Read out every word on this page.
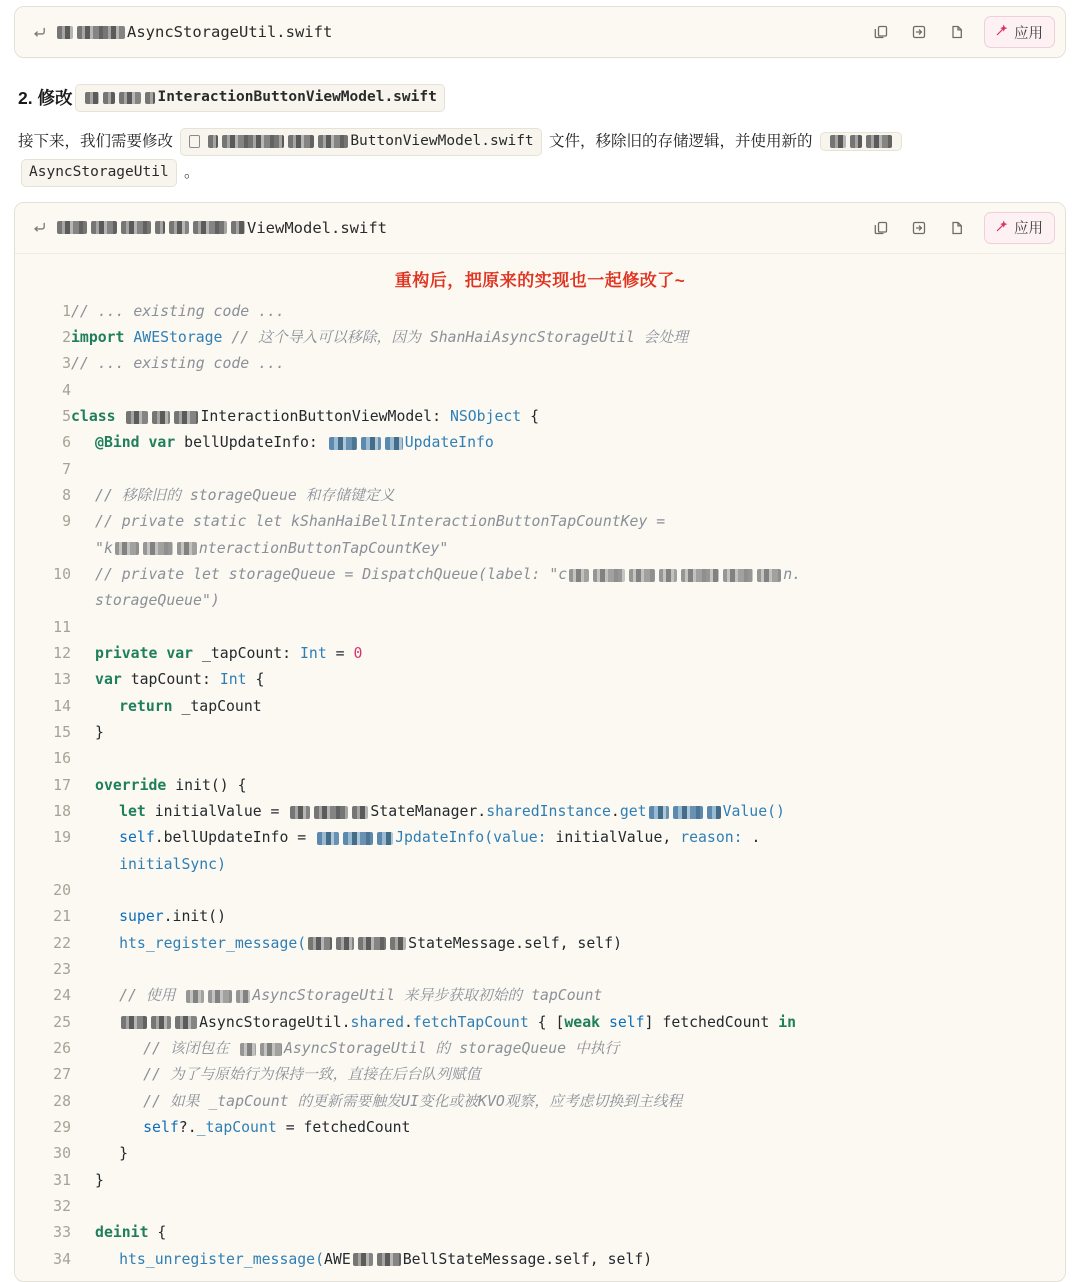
AsyncStorageUtil.swift	应用
2. 修改	InteractionButtonViewModel.swift
接下来，我们需要修改	ButtonViewModel.swift 文件，移除旧的存储逻辑，并使用新的

AsyncStorageUtil 。
ViewModel.swift	应用
重构后，把原来的实现也一起修改了~
1	// ... existing code ...
2	import AWEStorage // 这个导入可以移除，因为 ShanHaiAsyncStorageUtil 会处理
3	// ... existing code ...
4	

5	class InteractionButtonViewModel: NSObject {
6	@Bind var bellUpdateInfo: UpdateInfo
7	

8	// 移除旧的 storageQueue 和存储键定义
9	// private static let kShanHaiBellInteractionButtonTapCountKey =
"k nteractionButtonTapCountKey"
10	// private let storageQueue = DispatchQueue(label: "c n.
storageQueue")
11	

12	private var _tapCount: Int = 0
13	var tapCount: Int {
14	return _tapCount
15	}
16	

17	override init() {
18	let initialValue = StateManager.sharedInstance.get Value()
19	self.bellUpdateInfo = JpdateInfo(value: initialValue, reason: .
initialSync)
20	

21	super.init()
22	hts_register_message( StateMessage.self, self)
23	

24	// 使用 AsyncStorageUtil 来异步获取初始的 tapCount
25	AsyncStorageUtil.shared.fetchTapCount { [weak self] fetchedCount in
26	// 该闭包在 AsyncStorageUtil 的 storageQueue 中执行
27	// 为了与原始行为保持一致，直接在后台队列赋值
28	// 如果 _tapCount 的更新需要触发UI变化或被KVO观察，应考虑切换到主线程
29	self?._tapCount = fetchedCount
30	}
31	}
32	

33	deinit {
34	hts_unregister_message(AWE BellStateMessage.self, self)
